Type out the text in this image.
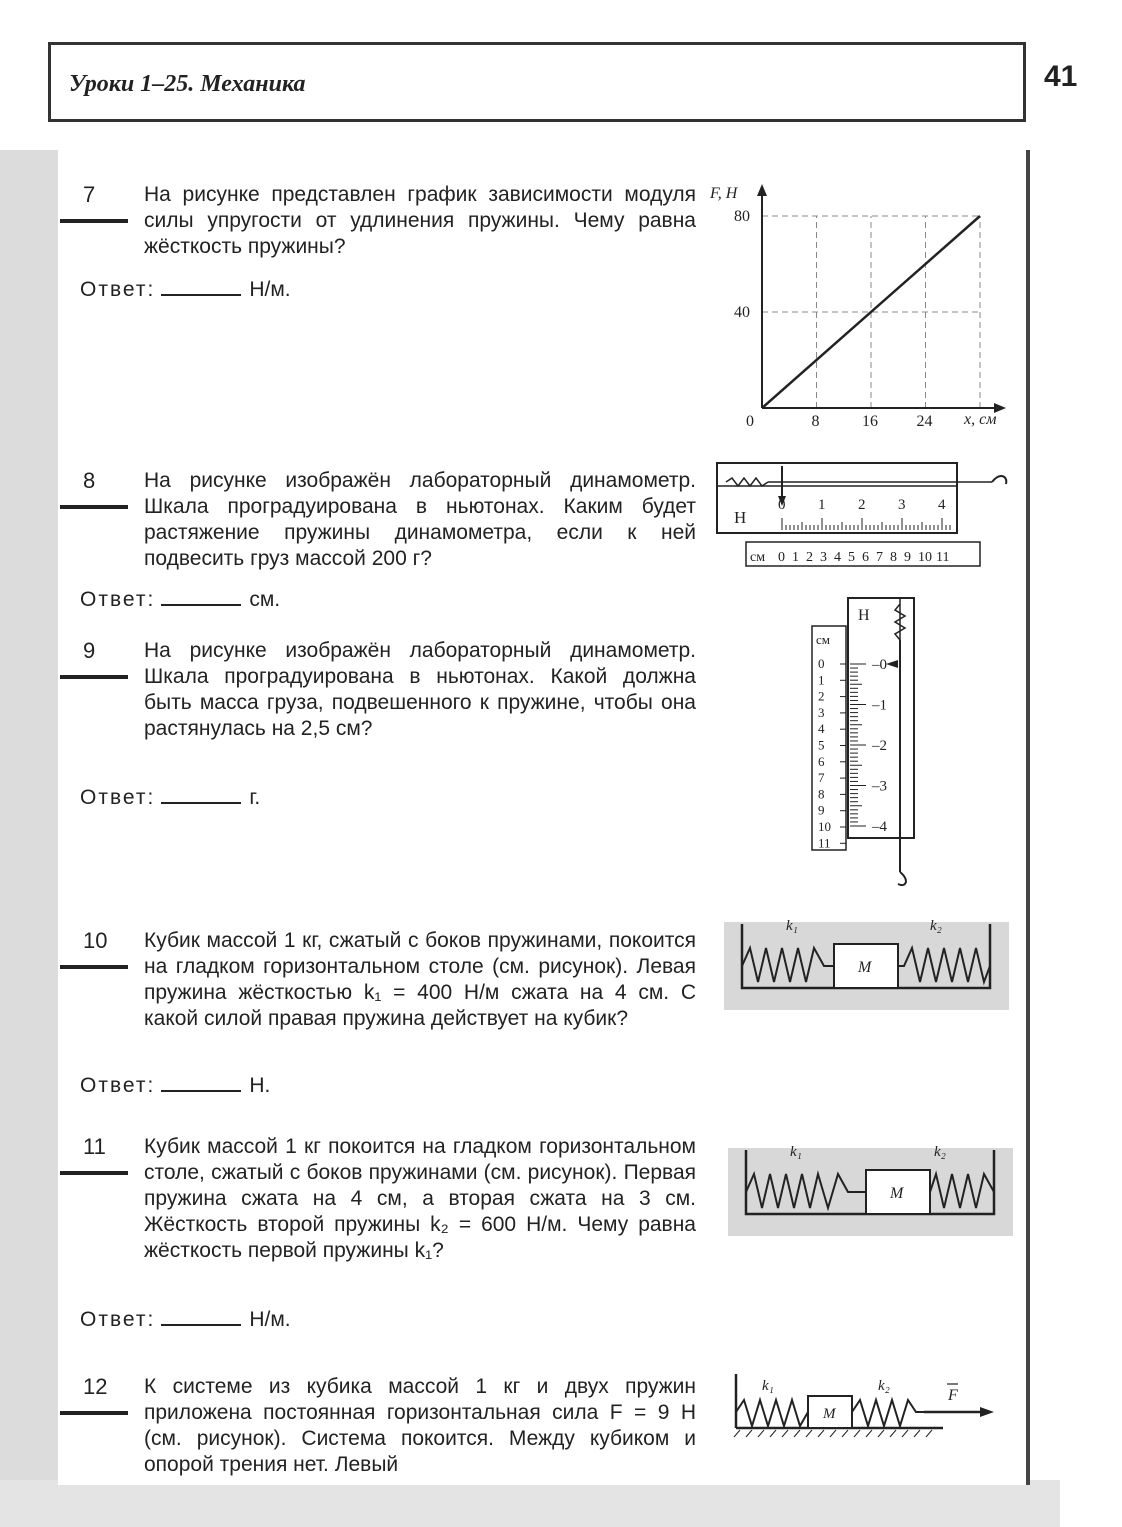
Уроки 1–25. Механика	41
7 На рисунке представлен график зависимости модуля силы упругости от удлинения пружины. Чему равна жёсткость пружины?
Ответ:	Н/м.
F, Н
x, см
0	8	16 24
40
80
8 На рисунке изображён лабораторный динамометр. Шкала проградуирована в ньютонах. Каким будет растяжение пружины динамометра, если к ней подвесить груз массой 200 г?
Ответ:	см.
Н
0 1 2 3 4
см 0 1 2 3 4 5 6 7 8 9 10 11
9 На рисунке изображён лабораторный динамометр. Шкала проградуирована в ньютонах. Какой должна быть масса груза, подвешенного к пружине, чтобы она растянулась на 2,5 см?
Ответ:	г.
см
0
1
2
3
4
5
6
7
8
9
10
11
Н
–0
–1
–2
–3
–4
10 Кубик массой 1 кг, сжатый с боков пружинами, покоится на гладком горизонтальном столе (см. рисунок). Левая пружина жёсткостью k₁ = 400 Н/м сжата на 4 см. С какой силой правая пружина действует на кубик?
Ответ:	Н.
M
k₁	k₂
11 Кубик массой 1 кг покоится на гладком горизонтальном столе, сжатый с боков пружинами (см. рисунок). Первая пружина сжата на 4 см, а вторая сжата на 3 см. Жёсткость второй пружины k₂ = 600 Н/м. Чему равна жёсткость первой пружины k₁?
Ответ:	Н/м.
M
k₁	k₂
12 К системе из кубика массой 1 кг и двух пружин приложена постоянная горизонтальная сила F = 9 Н (см. рисунок). Система покоится. Между кубиком и опорой трения нет. Левый
M
k₁	k₂
F
